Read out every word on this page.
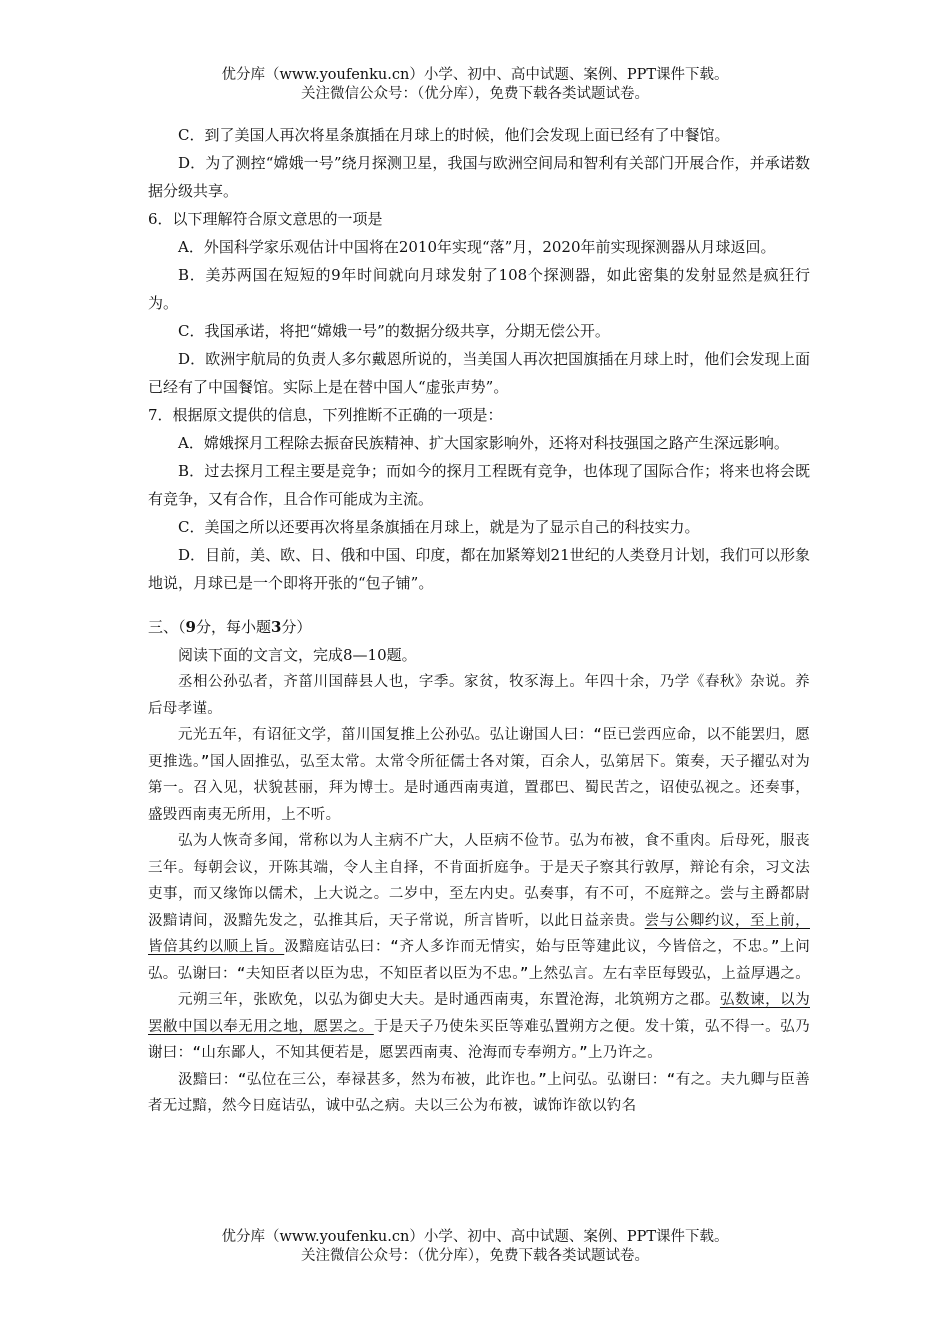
优分库（www.youfenku.cn）小学、初中、高中试题、案例、PPT课件下载。
关注微信公众号：（优分库），免费下载各类试题试卷。

C．到了美国人再次将星条旗插在月球上的时候，他们会发现上面已经有了中餐馆。

D．为了测控“嫦娥一号”绕月探测卫星，我国与欧洲空间局和智利有关部门开展合作，并承诺数据分级共享。

6．以下理解符合原文意思的一项是

A．外国科学家乐观估计中国将在2010年实现“落”月，2020年前实现探测器从月球返回。

B．美苏两国在短短的9年时间就向月球发射了108个探测器，如此密集的发射显然是疯狂行为。

C．我国承诺，将把“嫦娥一号”的数据分级共享，分期无偿公开。

D．欧洲宇航局的负责人多尔戴恩所说的，当美国人再次把国旗插在月球上时，他们会发现上面已经有了中国餐馆。实际上是在替中国人“虚张声势”。

7．根据原文提供的信息，下列推断不正确的一项是：

A．嫦娥探月工程除去振奋民族精神、扩大国家影响外，还将对科技强国之路产生深远影响。

B．过去探月工程主要是竞争；而如今的探月工程既有竞争，也体现了国际合作；将来也将会既有竞争，又有合作，且合作可能成为主流。

C．美国之所以还要再次将星条旗插在月球上，就是为了显示自己的科技实力。

D．目前，美、欧、日、俄和中国、印度，都在加紧筹划21世纪的人类登月计划，我们可以形象地说，月球已是一个即将开张的“包子铺”。

三、（9分，每小题3分）

阅读下面的文言文，完成8—10题。

丞相公孙弘者，齐菑川国薛县人也，字季。家贫，牧豕海上。年四十余，乃学《春秋》杂说。养后母孝谨。

元光五年，有诏征文学，菑川国复推上公孙弘。弘让谢国人曰：“臣已尝西应命，以不能罢归，愿更推选。”国人固推弘，弘至太常。太常令所征儒士各对策，百余人，弘第居下。策奏，天子擢弘对为第一。召入见，状貌甚丽，拜为博士。是时通西南夷道，置郡巴、蜀民苦之，诏使弘视之。还奏事，盛毁西南夷无所用，上不听。

弘为人恢奇多闻，常称以为人主病不广大，人臣病不俭节。弘为布被，食不重肉。后母死，服丧三年。每朝会议，开陈其端，令人主自择，不肯面折庭争。于是天子察其行敦厚，辩论有余，习文法吏事，而又缘饰以儒术，上大说之。二岁中，至左内史。弘奏事，有不可，不庭辩之。尝与主爵都尉汲黯请间，汲黯先发之，弘推其后，天子常说，所言皆听，以此日益亲贵。尝与公卿约议，至上前，皆倍其约以顺上旨。汲黯庭诘弘曰：“齐人多诈而无情实，始与臣等建此议，今皆倍之，不忠。”上问弘。弘谢曰：“夫知臣者以臣为忠，不知臣者以臣为不忠。”上然弘言。左右幸臣每毁弘，上益厚遇之。

元朔三年，张欧免，以弘为御史大夫。是时通西南夷，东置沧海，北筑朔方之郡。弘数谏，以为罢敝中国以奉无用之地，愿罢之。于是天子乃使朱买臣等难弘置朔方之便。发十策，弘不得一。弘乃谢曰：“山东鄙人，不知其便若是，愿罢西南夷、沧海而专奉朔方。”上乃许之。

汲黯曰：“弘位在三公，奉禄甚多，然为布被，此诈也。”上问弘。弘谢曰：“有之。夫九卿与臣善者无过黯，然今日庭诘弘，诚中弘之病。夫以三公为布被，诚饰诈欲以钓名

优分库（www.youfenku.cn）小学、初中、高中试题、案例、PPT课件下载。
关注微信公众号：（优分库），免费下载各类试题试卷。
